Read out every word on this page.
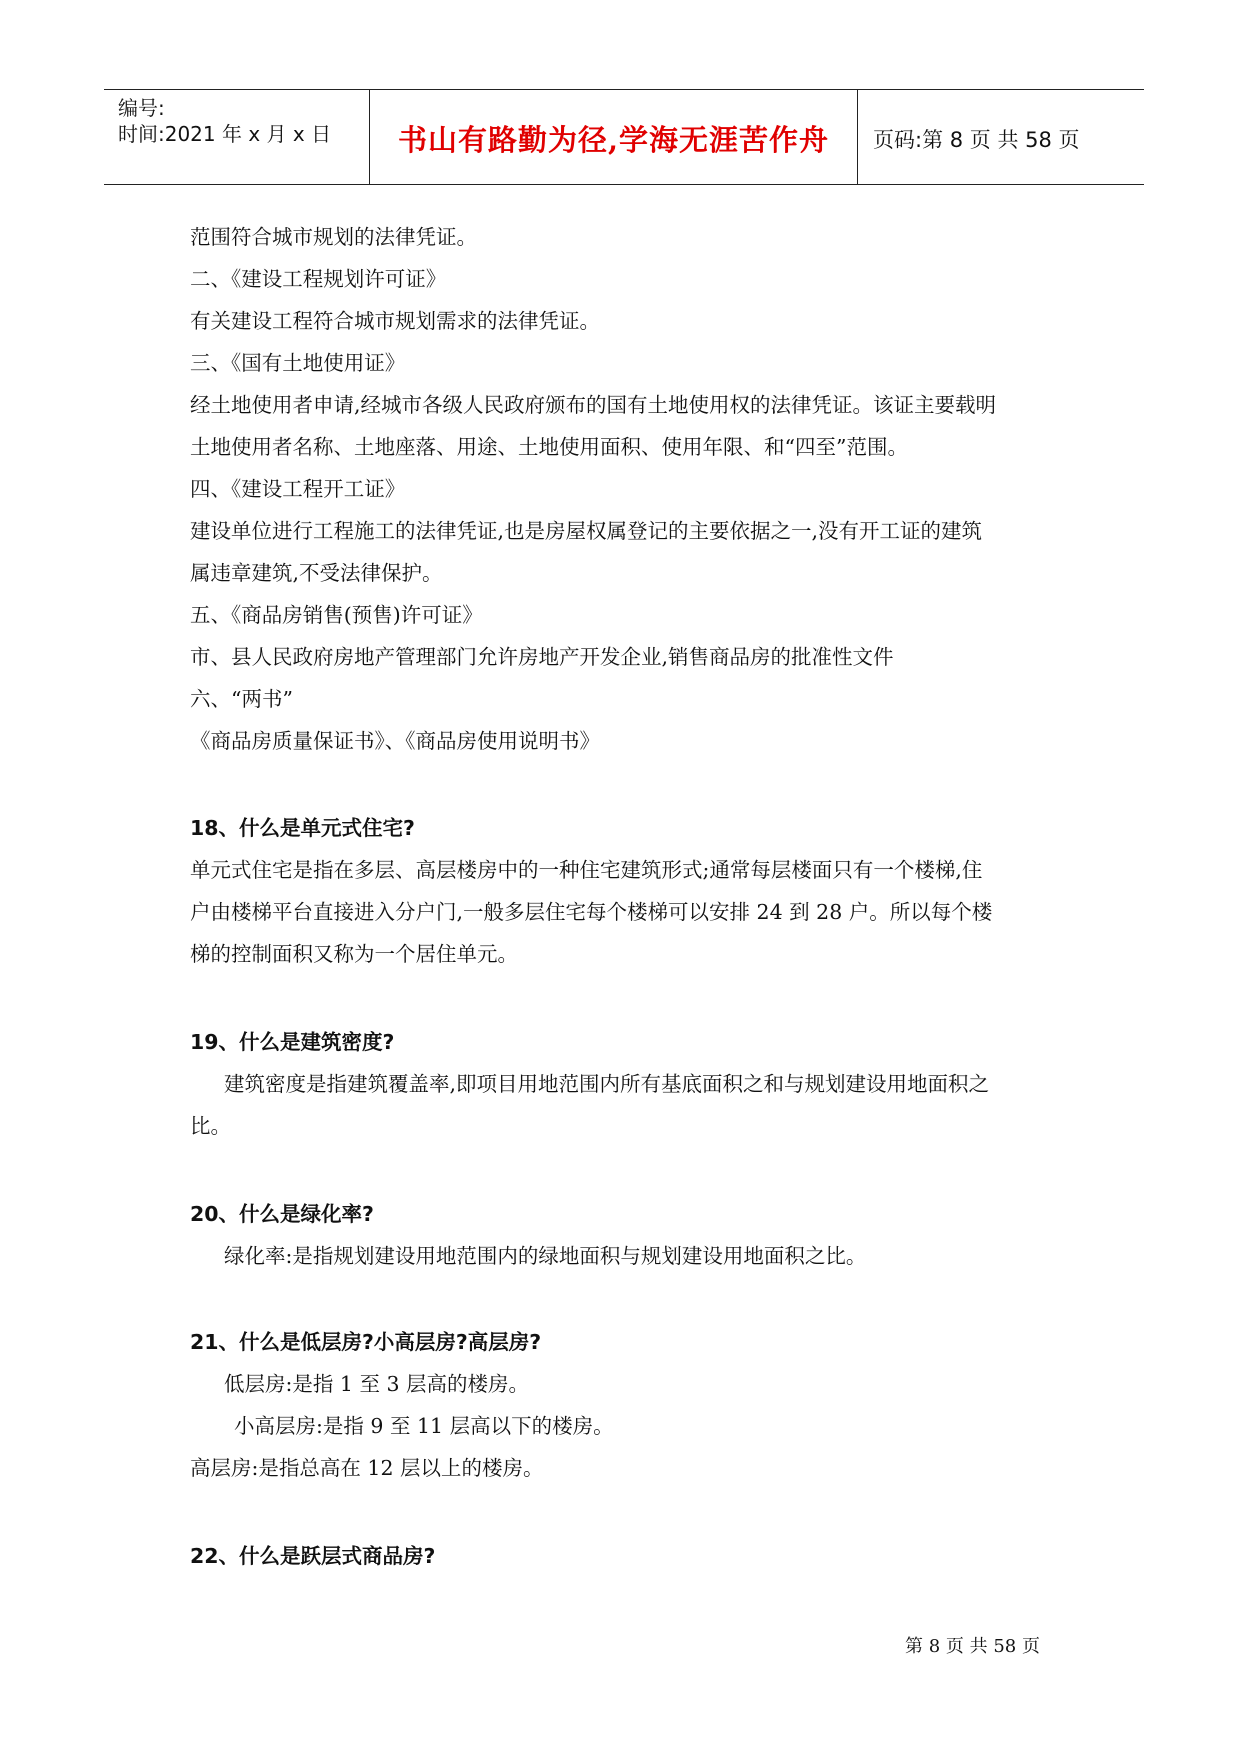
编号:
时间:2021 年 x 月 x 日	书山有路勤为径,学海无涯苦作舟	页码:第 8 页 共 58 页
范围符合城市规划的法律凭证。
二、《建设工程规划许可证》
有关建设工程符合城市规划需求的法律凭证。
三、《国有土地使用证》
经土地使用者申请,经城市各级人民政府颁布的国有土地使用权的法律凭证。该证主要载明
土地使用者名称、土地座落、用途、土地使用面积、使用年限、和“四至”范围。
四、《建设工程开工证》
建设单位进行工程施工的法律凭证,也是房屋权属登记的主要依据之一,没有开工证的建筑
属违章建筑,不受法律保护。
五、《商品房销售(预售)许可证》
市、县人民政府房地产管理部门允许房地产开发企业,销售商品房的批准性文件
六、“两书”
《商品房质量保证书》、《商品房使用说明书》
18、什么是单元式住宅?
单元式住宅是指在多层、高层楼房中的一种住宅建筑形式;通常每层楼面只有一个楼梯,住
户由楼梯平台直接进入分户门,一般多层住宅每个楼梯可以安排 24 到 28 户。所以每个楼
梯的控制面积又称为一个居住单元。
19、什么是建筑密度?
建筑密度是指建筑覆盖率,即项目用地范围内所有基底面积之和与规划建设用地面积之
比。
20、什么是绿化率?
绿化率:是指规划建设用地范围内的绿地面积与规划建设用地面积之比。
21、什么是低层房?小高层房?高层房?
低层房:是指 1 至 3 层高的楼房。
小高层房:是指 9 至 11 层高以下的楼房。
高层房:是指总高在 12 层以上的楼房。
22、什么是跃层式商品房?
第 8 页 共 58 页
